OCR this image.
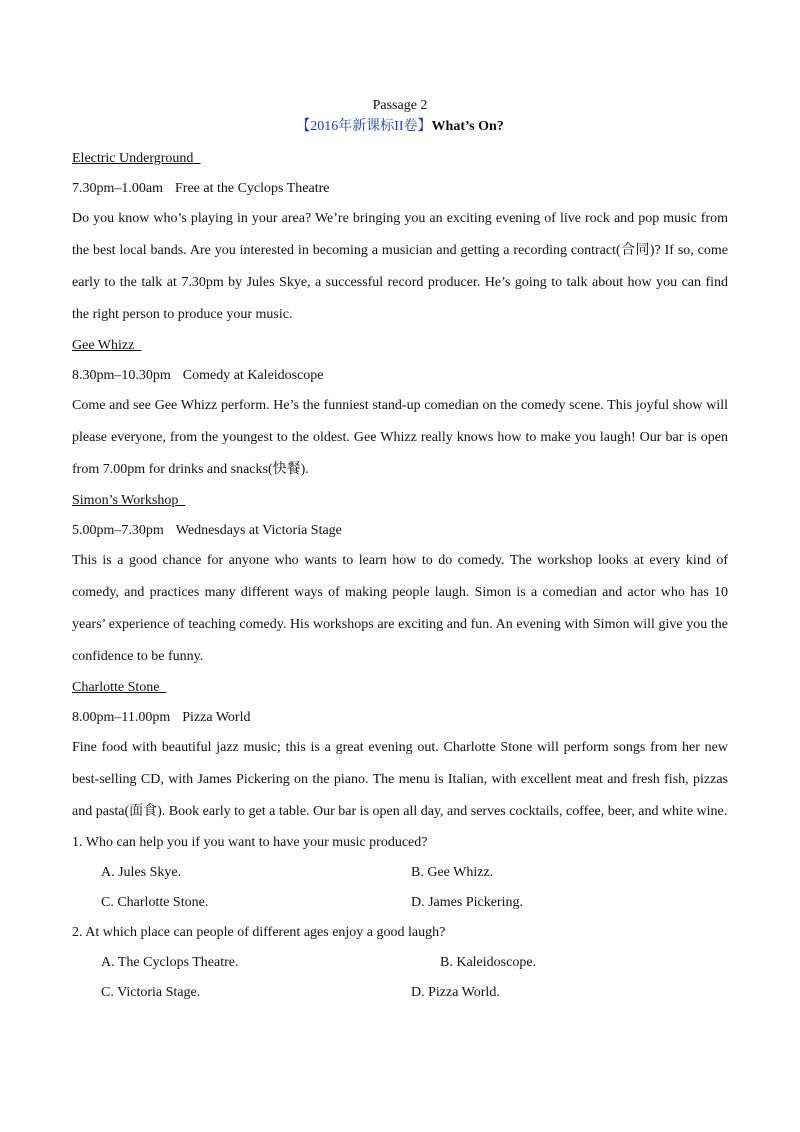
Passage 2

【2016年新课标II卷】What’s On?

Electric Underground

7.30pm–1.00am Free at the Cyclops Theatre

Do you know who’s playing in your area? We’re bringing you an exciting evening of live rock and pop music from the best local bands. Are you interested in becoming a musician and getting a recording contract(合同)? If so, come early to the talk at 7.30pm by Jules Skye, a successful record producer. He’s going to talk about how you can find the right person to produce your music.

Gee Whizz

8.30pm–10.30pm Comedy at Kaleidoscope

Come and see Gee Whizz perform. He’s the funniest stand-up comedian on the comedy scene. This joyful show will please everyone, from the youngest to the oldest. Gee Whizz really knows how to make you laugh! Our bar is open from 7.00pm for drinks and snacks(快餐).

Simon’s Workshop

5.00pm–7.30pm Wednesdays at Victoria Stage

This is a good chance for anyone who wants to learn how to do comedy. The workshop looks at every kind of comedy, and practices many different ways of making people laugh. Simon is a comedian and actor who has 10 years’ experience of teaching comedy. His workshops are exciting and fun. An evening with Simon will give you the confidence to be funny.

Charlotte Stone

8.00pm–11.00pm Pizza World

Fine food with beautiful jazz music; this is a great evening out. Charlotte Stone will perform songs from her new best-selling CD, with James Pickering on the piano. The menu is Italian, with excellent meat and fresh fish, pizzas and pasta(面食). Book early to get a table. Our bar is open all day, and serves cocktails, coffee, beer, and white wine.

1. Who can help you if you want to have your music produced?

A. Jules Skye.	B. Gee Whizz.
C. Charlotte Stone.	D. James Pickering.

2. At which place can people of different ages enjoy a good laugh?

A. The Cyclops Theatre.	B. Kaleidoscope.
C. Victoria Stage.	D. Pizza World.
